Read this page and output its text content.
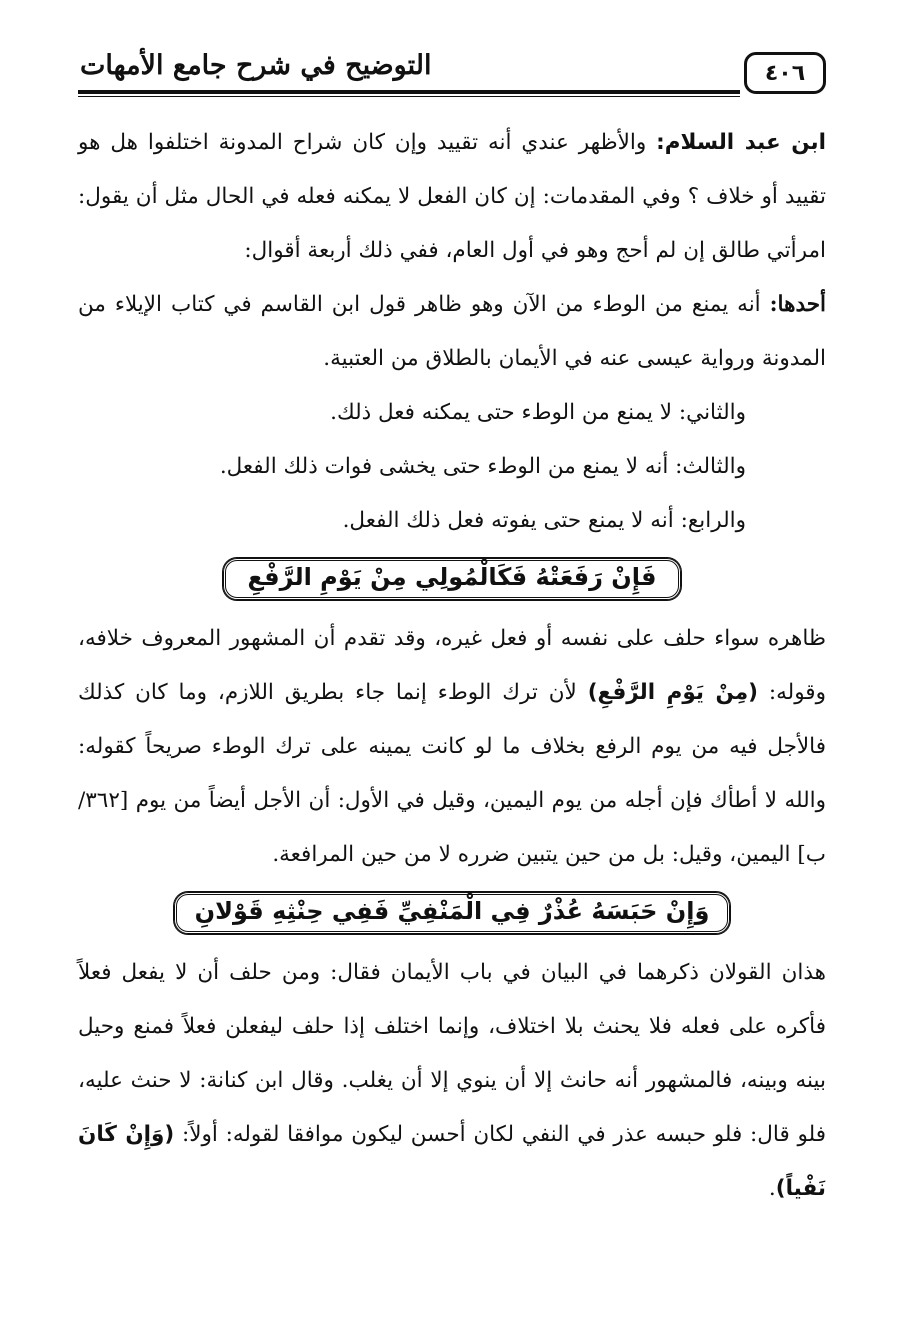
٤٠٦
التوضيح في شرح جامع الأمهات

ابن عبد السلام: والأظهر عندي أنه تقييد وإن كان شراح المدونة اختلفوا هل هو تقييد أو خلاف ؟ وفي المقدمات: إن كان الفعل لا يمكنه فعله في الحال مثل أن يقول: امرأتي طالق إن لم أحج وهو في أول العام، ففي ذلك أربعة أقوال:

أحدها: أنه يمنع من الوطء من الآن وهو ظاهر قول ابن القاسم في كتاب الإيلاء من المدونة ورواية عيسى عنه في الأيمان بالطلاق من العتبية.

والثاني: لا يمنع من الوطء حتى يمكنه فعل ذلك.

والثالث: أنه لا يمنع من الوطء حتى يخشى فوات ذلك الفعل.

والرابع: أنه لا يمنع حتى يفوته فعل ذلك الفعل.

فَإِنْ رَفَعَتْهُ فَكَالْمُولِي مِنْ يَوْمِ الرَّفْعِ

ظاهره سواء حلف على نفسه أو فعل غيره، وقد تقدم أن المشهور المعروف خلافه، وقوله: (مِنْ يَوْمِ الرَّفْعِ) لأن ترك الوطء إنما جاء بطريق اللازم، وما كان كذلك فالأجل فيه من يوم الرفع بخلاف ما لو كانت يمينه على ترك الوطء صريحاً كقوله: والله لا أطأك فإن أجله من يوم اليمين، وقيل في الأول: أن الأجل أيضاً من يوم [٣٦٢/ ب] اليمين، وقيل: بل من حين يتبين ضرره لا من حين المرافعة.

وَإِنْ حَبَسَهُ عُذْرٌ فِي الْمَنْفِيِّ فَفِي حِنْثِهِ قَوْلانِ

هذان القولان ذكرهما في البيان في باب الأيمان فقال: ومن حلف أن لا يفعل فعلاً فأكره على فعله فلا يحنث بلا اختلاف، وإنما اختلف إذا حلف ليفعلن فعلاً فمنع وحيل بينه وبينه، فالمشهور أنه حانث إلا أن ينوي إلا أن يغلب. وقال ابن كنانة: لا حنث عليه، فلو قال: فلو حبسه عذر في النفي لكان أحسن ليكون موافقا لقوله: أولاً: (وَإِنْ كَانَ نَفْياً).
